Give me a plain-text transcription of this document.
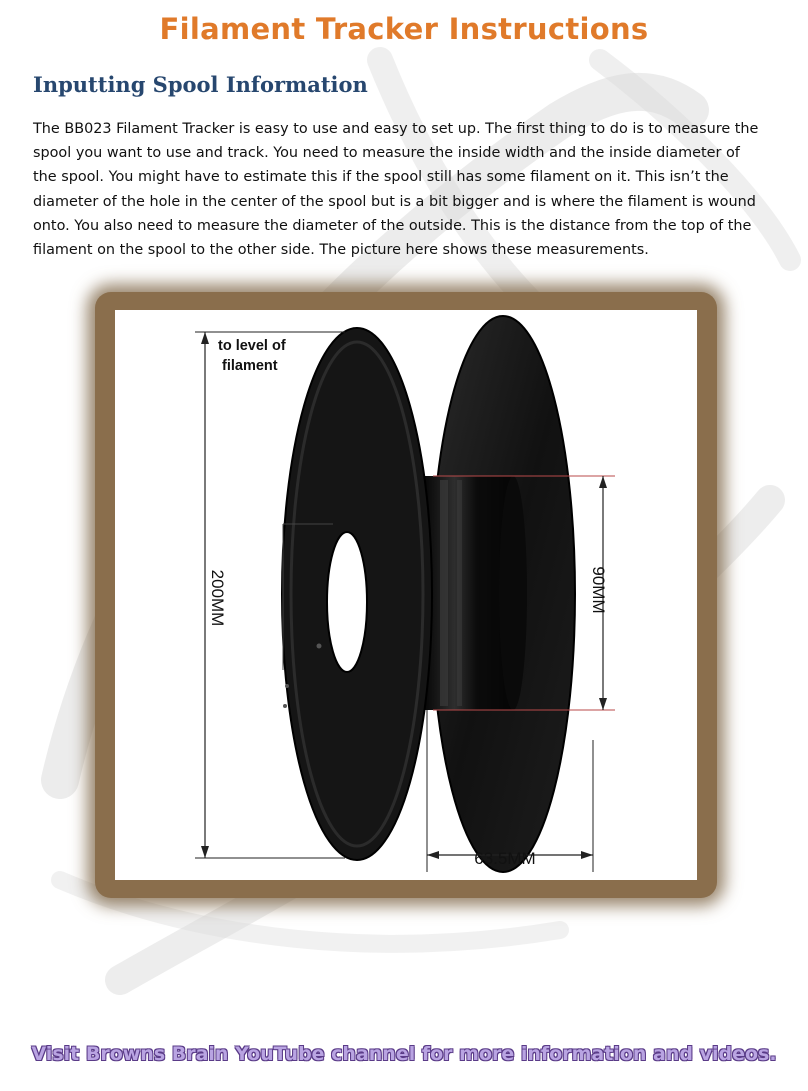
Filament Tracker Instructions
Inputting Spool Information
The BB023 Filament Tracker is easy to use and easy to set up. The first thing to do is to measure the spool you want to use and track. You need to measure the inside width and the inside diameter of the spool. You might have to estimate this if the spool still has some filament on it. This isn’t the diameter of the hole in the center of the spool but is a bit bigger and is where the filament is wound onto. You also need to measure the diameter of the outside. This is the distance from the top of the filament on the spool to the other side. The picture here shows these measurements.
to level of
filament
200MM	90MM
63.5MM
Visit Browns Brain YouTube channel for more information and videos.
